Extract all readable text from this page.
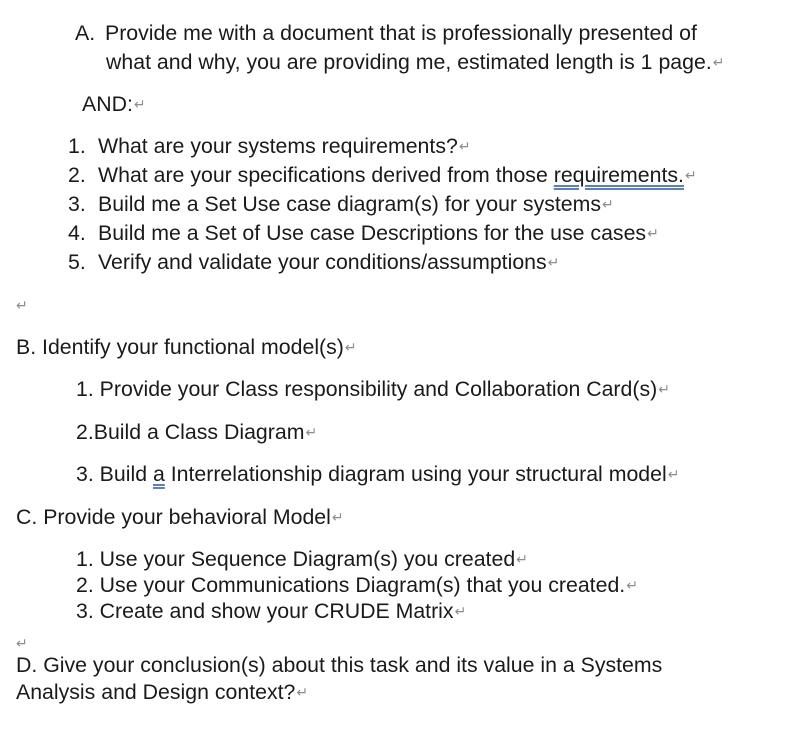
A. Provide me with a document that is professionally presented of
what and why, you are providing me, estimated length is 1 page.↵
AND:↵
1. What are your systems requirements?↵
2. What are your specifications derived from those requirements.↵
3. Build me a Set Use case diagram(s) for your systems↵
4. Build me a Set of Use case Descriptions for the use cases↵
5. Verify and validate your conditions/assumptions↵
↵
B. Identify your functional model(s)↵
1. Provide your Class responsibility and Collaboration Card(s)↵
2.Build a Class Diagram↵
3. Build a Interrelationship diagram using your structural model↵
C. Provide your behavioral Model↵
1. Use your Sequence Diagram(s) you created↵
2. Use your Communications Diagram(s) that you created.↵
3. Create and show your CRUDE Matrix↵
↵
D. Give your conclusion(s) about this task and its value in a Systems
Analysis and Design context?↵
